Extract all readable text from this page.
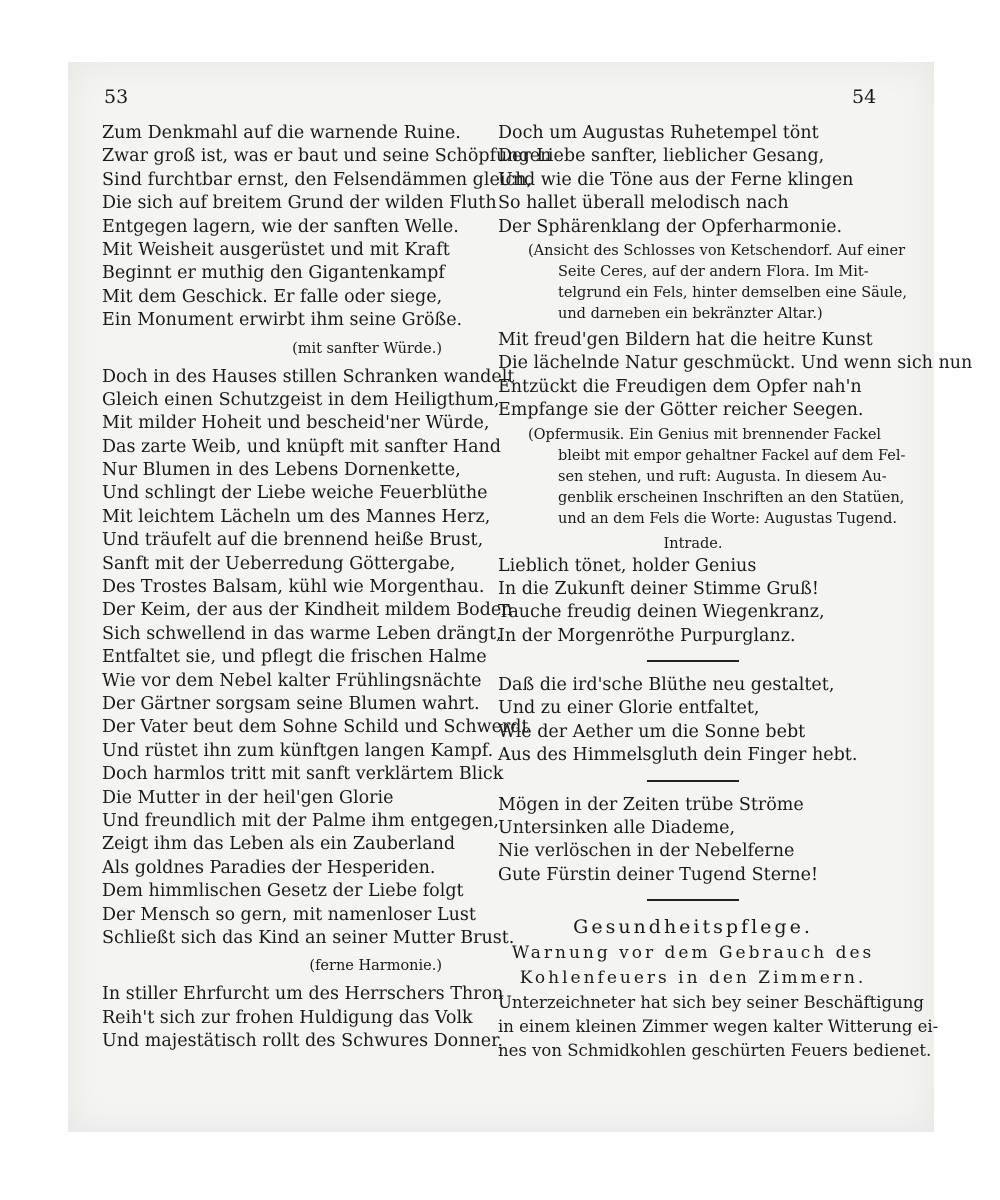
53	54
Zum Denkmahl auf die warnende Ruine.
Zwar groß ist, was er baut und seine Schöpfungen
Sind furchtbar ernst, den Felsendämmen gleich,
Die sich auf breitem Grund der wilden Fluth
Entgegen lagern, wie der sanften Welle.
Mit Weisheit ausgerüstet und mit Kraft
Beginnt er muthig den Gigantenkampf
Mit dem Geschick. Er falle oder siege,
Ein Monument erwirbt ihm seine Größe.
(mit sanfter Würde.)
Doch in des Hauses stillen Schranken wandelt
Gleich einen Schutzgeist in dem Heiligthum,
Mit milder Hoheit und bescheid'ner Würde,
Das zarte Weib, und knüpft mit sanfter Hand
Nur Blumen in des Lebens Dornenkette,
Und schlingt der Liebe weiche Feuerblüthe
Mit leichtem Lächeln um des Mannes Herz,
Und träufelt auf die brennend heiße Brust,
Sanft mit der Ueberredung Göttergabe,
Des Trostes Balsam, kühl wie Morgenthau.
Der Keim, der aus der Kindheit mildem Boden
Sich schwellend in das warme Leben drängt,
Entfaltet sie, und pflegt die frischen Halme
Wie vor dem Nebel kalter Frühlingsnächte
Der Gärtner sorgsam seine Blumen wahrt.
Der Vater beut dem Sohne Schild und Schwerdt
Und rüstet ihn zum künftgen langen Kampf.
Doch harmlos tritt mit sanft verklärtem Blick
Die Mutter in der heil'gen Glorie
Und freundlich mit der Palme ihm entgegen,
Zeigt ihm das Leben als ein Zauberland
Als goldnes Paradies der Hesperiden.
Dem himmlischen Gesetz der Liebe folgt
Der Mensch so gern, mit namenloser Lust
Schließt sich das Kind an seiner Mutter Brust.
(ferne Harmonie.)
In stiller Ehrfurcht um des Herrschers Thron
Reih't sich zur frohen Huldigung das Volk
Und majestätisch rollt des Schwures Donner.
Doch um Augustas Ruhetempel tönt
Der Liebe sanfter, lieblicher Gesang,
Und wie die Töne aus der Ferne klingen
So hallet überall melodisch nach
Der Sphärenklang der Opferharmonie.
(Ansicht des Schlosses von Ketschendorf. Auf einer
Seite Ceres, auf der andern Flora. Im Mit-
telgrund ein Fels, hinter demselben eine Säule,
und darneben ein bekränzter Altar.)
Mit freud'gen Bildern hat die heitre Kunst
Die lächelnde Natur geschmückt. Und wenn sich nun
Entzückt die Freudigen dem Opfer nah'n
Empfange sie der Götter reicher Seegen.
(Opfermusik. Ein Genius mit brennender Fackel
bleibt mit empor gehaltner Fackel auf dem Fel-
sen stehen, und ruft: Augusta. In diesem Au-
genblik erscheinen Inschriften an den Statüen,
und an dem Fels die Worte: Augustas Tugend.
Intrade.
Lieblich tönet, holder Genius
In die Zukunft deiner Stimme Gruß!
Tauche freudig deinen Wiegenkranz,
In der Morgenröthe Purpurglanz.
Daß die ird'sche Blüthe neu gestaltet,
Und zu einer Glorie entfaltet,
Wie der Aether um die Sonne bebt
Aus des Himmelsgluth dein Finger hebt.
Mögen in der Zeiten trübe Ströme
Untersinken alle Diademe,
Nie verlöschen in der Nebelferne
Gute Fürstin deiner Tugend Sterne!
Gesundheitspflege.
Warnung vor dem Gebrauch des
Kohlenfeuers in den Zimmern.
Unterzeichneter hat sich bey seiner Beschäftigung
in einem kleinen Zimmer wegen kalter Witterung ei-
nes von Schmidkohlen geschürten Feuers bedienet.
